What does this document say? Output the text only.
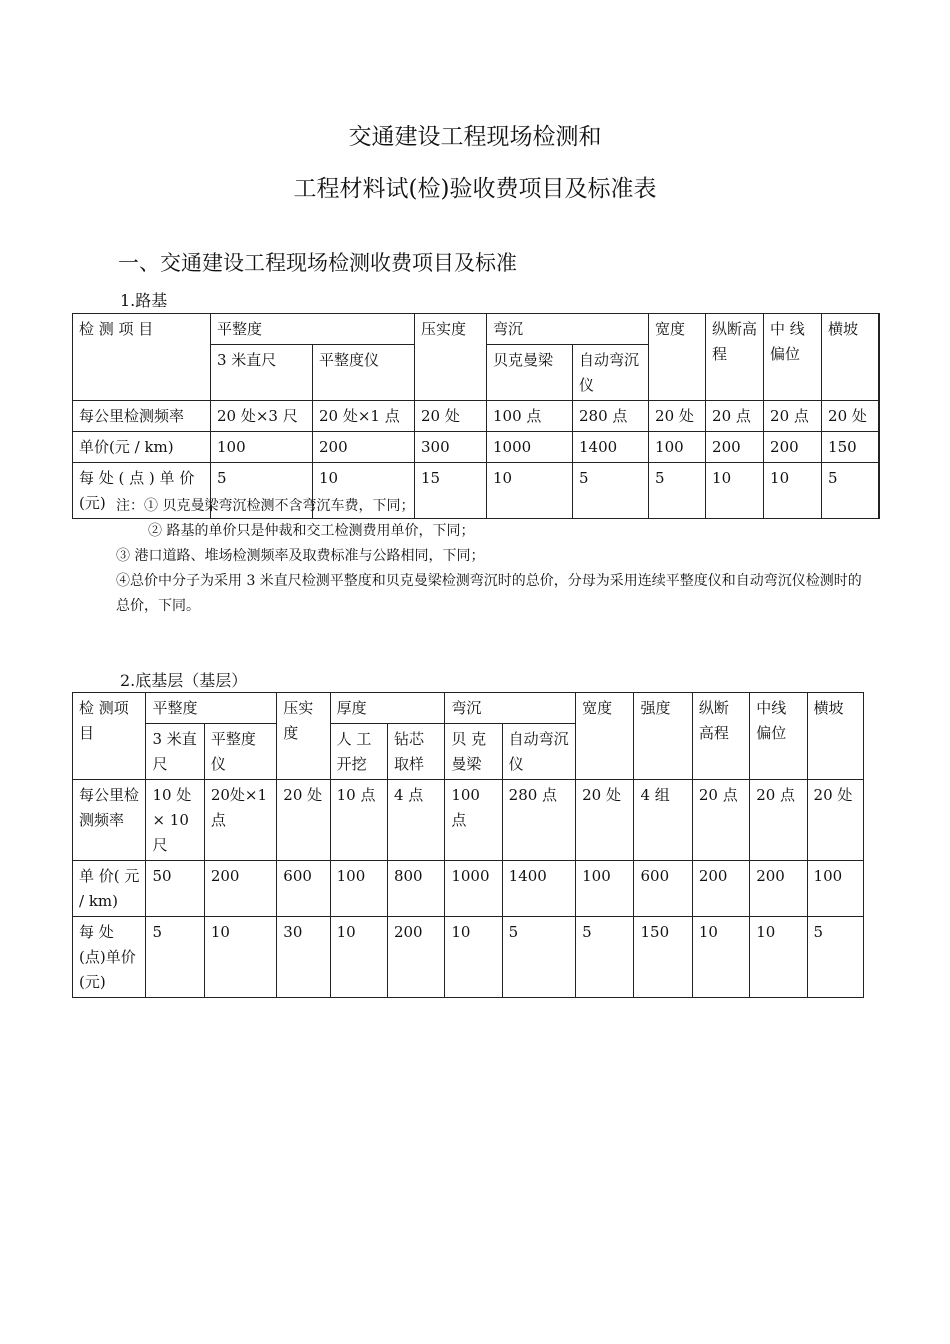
交通建设工程现场检测和
工程材料试(检)验收费项目及标准表
一、交通建设工程现场检测收费项目及标准
1.路基
检 测 项 目	平整度		压实度	弯沉		宽度	纵断高程	中 线偏位	横坡
	3 米直尺	平整度仪		贝克曼梁	自动弯沉仪				
每公里检测频率	20 处×3 尺	20 处×1 点	20 处	100 点	280 点	20 处	20 点	20 点	20 处
单价(元 / km)	100	200	300	1000	1400	100	200	200	150
每 处 ( 点 ) 单 价(元)	5	10	15	10	5	5	10	10	5
注：① 贝克曼梁弯沉检测不含弯沉车费，下同；
② 路基的单价只是仲裁和交工检测费用单价，下同；
③ 港口道路、堆场检测频率及取费标准与公路相同，下同；
④总价中分子为采用 3 米直尺检测平整度和贝克曼梁检测弯沉时的总价，分母为采用连续平整度仪和自动弯沉仪检测时的总价，下同。
2.底基层（基层）
检 测项 目	平整度		压实度	厚度		弯沉		宽度	强度	纵断高程	中线偏位	横坡
	3 米直尺	平整度仪		人 工开挖	钻芯取样	贝 克曼梁	自动弯沉仪					
每公里检测频率	10 处× 10 尺	20处×1 点	20 处	10 点	4 点	100 点	280 点	20 处	4 组	20 点	20 点	20 处
单 价( 元 / km)	50	200	600	100	800	1000	1400	100	600	200	200	100
每 处(点)单价(元)	5	10	30	10	200	10	5	5	150	10	10	5
